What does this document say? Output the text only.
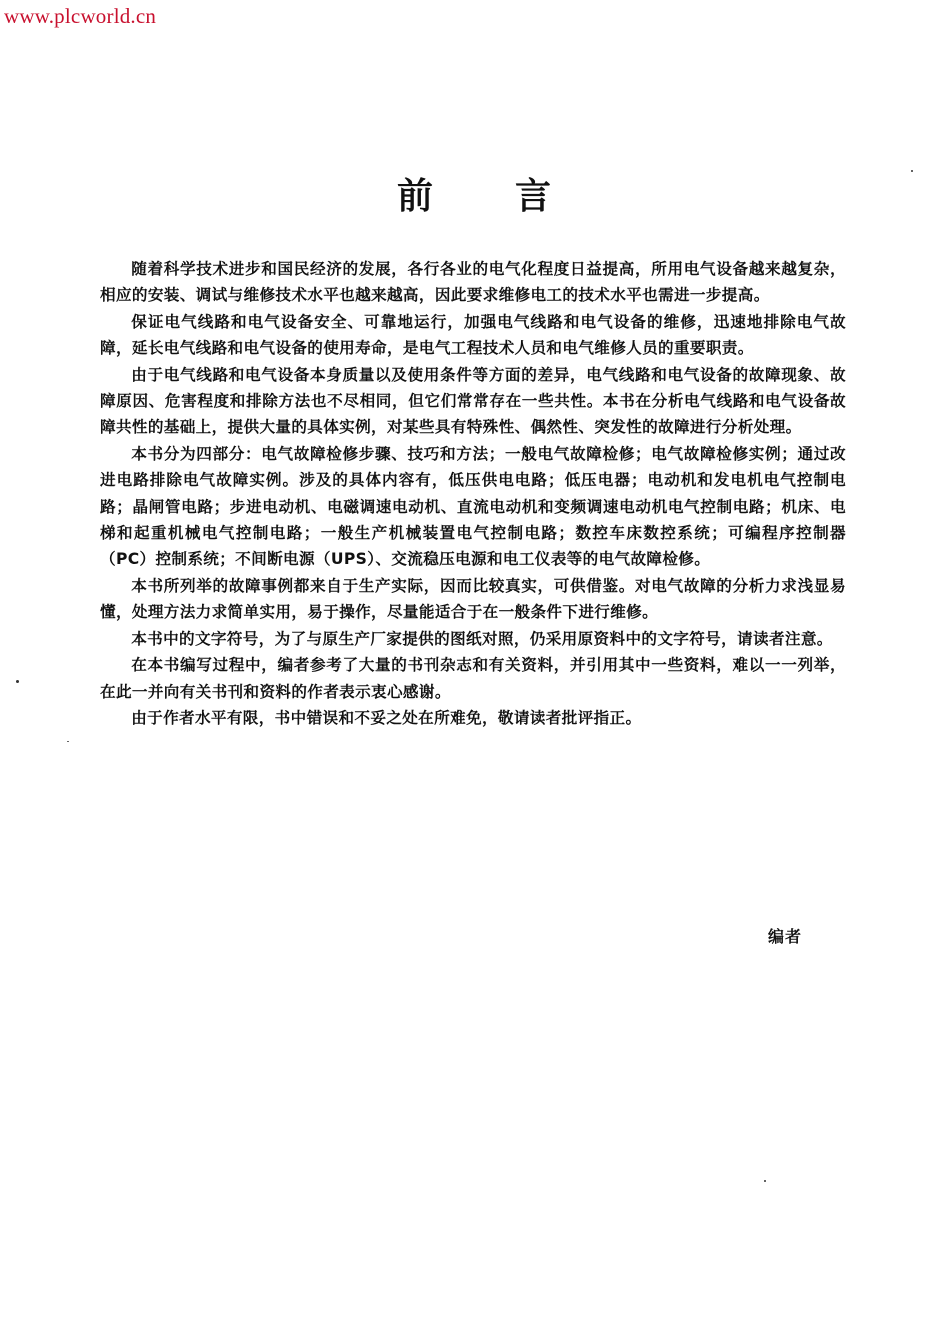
www.plcworld.cn
前 言

随着科学技术进步和国民经济的发展，各行各业的电气化程度日益提高，所用电气设备越来越复杂，相应的安装、调试与维修技术水平也越来越高，因此要求维修电工的技术水平也需进一步提高。

保证电气线路和电气设备安全、可靠地运行，加强电气线路和电气设备的维修，迅速地排除电气故障，延长电气线路和电气设备的使用寿命，是电气工程技术人员和电气维修人员的重要职责。

由于电气线路和电气设备本身质量以及使用条件等方面的差异，电气线路和电气设备的故障现象、故障原因、危害程度和排除方法也不尽相同，但它们常常存在一些共性。本书在分析电气线路和电气设备故障共性的基础上，提供大量的具体实例，对某些具有特殊性、偶然性、突发性的故障进行分析处理。

本书分为四部分：电气故障检修步骤、技巧和方法；一般电气故障检修；电气故障检修实例；通过改进电路排除电气故障实例。涉及的具体内容有，低压供电电路；低压电器；电动机和发电机电气控制电路；晶闸管电路；步进电动机、电磁调速电动机、直流电动机和变频调速电动机电气控制电路；机床、电梯和起重机械电气控制电路；一般生产机械装置电气控制电路；数控车床数控系统；可编程序控制器（PC）控制系统；不间断电源（UPS）、交流稳压电源和电工仪表等的电气故障检修。

本书所列举的故障事例都来自于生产实际，因而比较真实，可供借鉴。对电气故障的分析力求浅显易懂，处理方法力求简单实用，易于操作，尽量能适合于在一般条件下进行维修。

本书中的文字符号，为了与原生产厂家提供的图纸对照，仍采用原资料中的文字符号，请读者注意。

在本书编写过程中，编者参考了大量的书刊杂志和有关资料，并引用其中一些资料，难以一一列举，在此一并向有关书刊和资料的作者表示衷心感谢。

由于作者水平有限，书中错误和不妥之处在所难免，敬请读者批评指正。

编者
